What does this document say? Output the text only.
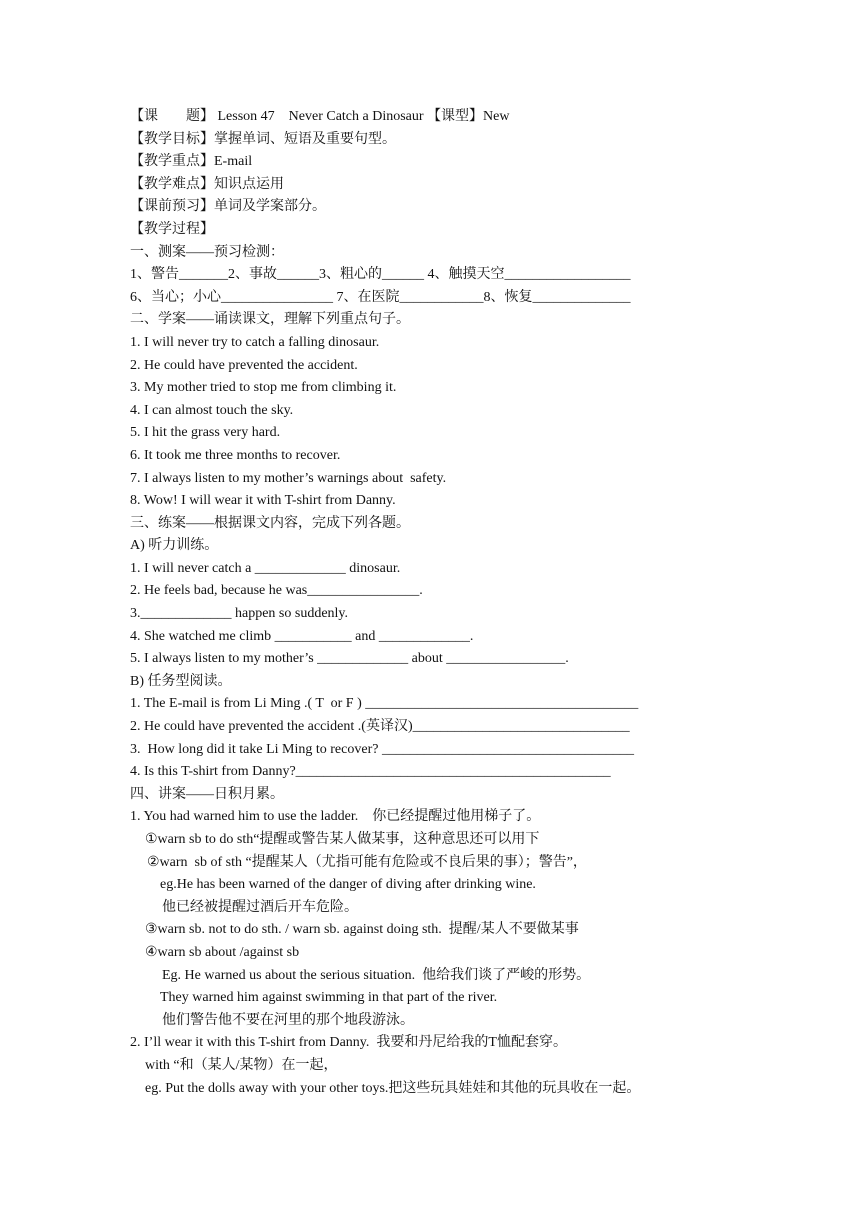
【课　　题】 Lesson 47　Never Catch a Dinosaur 【课型】New
【教学目标】掌握单词、短语及重要句型。
【教学重点】E-mail
【教学难点】知识点运用
【课前预习】单词及学案部分。
【教学过程】
一、测案——预习检测：
1、警告_______2、事故______3、粗心的______ 4、触摸天空__________________
6、当心；小心________________ 7、在医院____________8、恢复______________
二、学案——诵读课文，理解下列重点句子。
1. I will never try to catch a falling dinosaur.
2. He could have prevented the accident.
3. My mother tried to stop me from climbing it.
4. I can almost touch the sky.
5. I hit the grass very hard.
6. It took me three months to recover.
7. I always listen to my mother’s warnings about  safety.
8. Wow! I will wear it with T-shirt from Danny.
三、练案——根据课文内容，完成下列各题。
A) 听力训练。
1. I will never catch a _____________ dinosaur.
2. He feels bad, because he was________________.
3._____________ happen so suddenly.
4. She watched me climb ___________ and _____________.
5. I always listen to my mother’s _____________ about _________________.
B) 任务型阅读。
1. The E-mail is from Li Ming .( T  or F ) _______________________________________
2. He could have prevented the accident .(英译汉)_______________________________
3.  How long did it take Li Ming to recover? ____________________________________
4. Is this T-shirt from Danny?_____________________________________________
四、讲案——日积月累。
1. You had warned him to use the ladder.    你已经提醒过他用梯子了。
①warn sb to do sth“提醒或警告某人做某事，这种意思还可以用下
②warn  sb of sth “提醒某人（尤指可能有危险或不良后果的事）；警告”，
eg.He has been warned of the danger of diving after drinking wine.
他已经被提醒过酒后开车危险。
③warn sb. not to do sth. / warn sb. against doing sth.  提醒/某人不要做某事
④warn sb about /against sb
Eg. He warned us about the serious situation.  他给我们谈了严峻的形势。
They warned him against swimming in that part of the river.
他们警告他不要在河里的那个地段游泳。
2. I’ll wear it with this T-shirt from Danny.  我要和丹尼给我的T恤配套穿。
with “和（某人/某物）在一起，
eg. Put the dolls away with your other toys.把这些玩具娃娃和其他的玩具收在一起。
